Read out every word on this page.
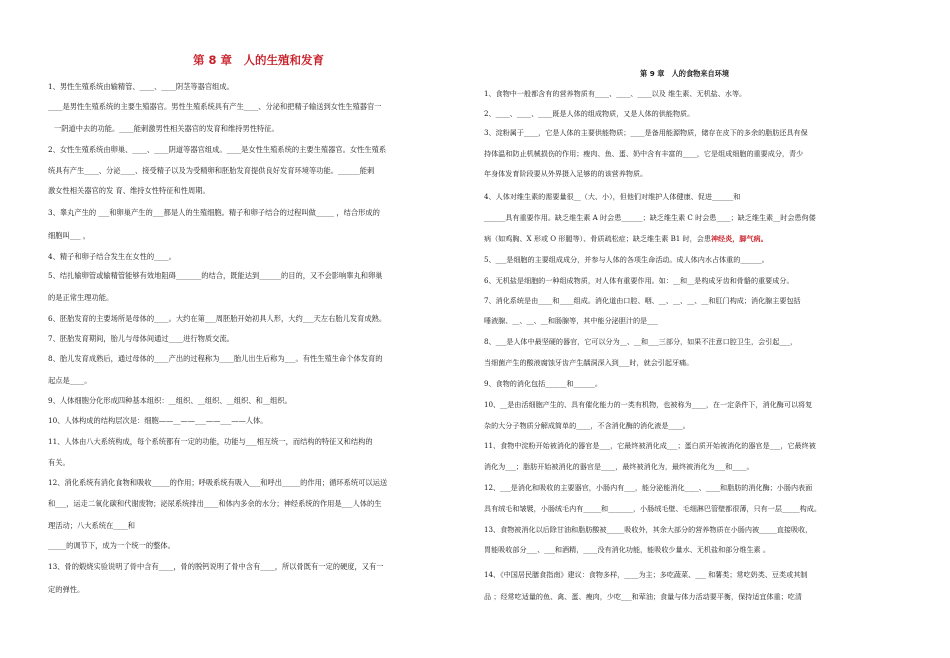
第 8 章　人的生殖和发育
1、男性生殖系统由输精管、____、____阴茎等器官组成。
____是男性生殖系统的主要生殖器官。男性生殖系统具有产生____、分泌和把精子输送到女性生殖器官一
一阴道中去的功能。____能刺激男性相关器官的发育和维持男性特征。
2、女性生殖系统由卵巢、____、____阴道等器官组成。____是女性生殖系统的主要生殖器官。女性生殖系
统具有产生____、分泌____、接受精子以及为受精卵和胚胎发育提供良好发育环境等功能。______能刺
激女性相关器官的发 育、维持女性特征和性周期。
3、睾丸产生的 ___和卵巢产生的___都是人的生殖细胞。精子和卵子结合的过程叫做_____ ，结合形成的
细胞叫___ ，
4、精子和卵子结合发生在女性的____。
5、结扎输卵管或输精管能够有效地阻碍_______的结合，既能达到______的目的，又不会影响睾丸和卵巢
的是正常生理功能。
6、胚胎发育的主要场所是母体的____。大约在第___周胚胎开始初具人形，大约___天左右胎儿发育成熟。
7、胚胎发育期间，胎儿与母体间通过____进行物质交流。
8、胎儿发育成熟后，通过母体的____产出的过程称为____胎儿出生后称为___。有性生殖生命个体发育的
起点是____。
9、人体细胞分化形成四种基本组织：__组织、__组织、__组织、和__组织。
10、人体构成的结构层次是：细胞——__——___——___——人体。
11、人体由八大系统构成，每个系统都有一定的功能，功能与___相互统一，而结构的特征又和结构的
有关。
12、消化系统有消化食物和吸收_____的作用；呼吸系统有吸入___和呼出_____的作用；循环系统可以运送
和___，运走二氧化碳和代谢废物；泌尿系统排出____和体内多余的水分；神经系统的作用是___人体的生
理活动；八大系统在____和
_____的调节下，成为一个统一的整体。
13、骨的煅烧实验说明了骨中含有____，骨的脱钙说明了骨中含有____，所以骨既有一定的硬度，又有一
定的弹性。
第 9 章　人的食物来自环境
1、食物中一般都含有的营养物质有____、____、____以及 维生素、无机盐、水等。
2、____、____、____既是人体的组成物质，又是人体的供能物质。
3、淀粉属于____，它是人体的主要供能物质；____是备用能源物质，储存在皮下的多余的脂肪还具有保
持体温和防止机械损伤的作用；瘦肉、鱼、蛋、奶中含有丰富的____，它是组成细胞的重要成分，青少
年身体发育阶段要从外界摄入足够的的该营养物质。
4、人体对维生素的需要量很__（大、小），但他们对维护人体健康、促进______和
______具有重要作用。缺乏维生素 A 时会患______；缺乏维生素 C 时会患____；缺乏维生素__时会患佝偻
病（如鸡胸、X 形或 O 形腿等）、骨质疏松症；缺乏维生素 B1 时，会患神经炎，脚气病。
5、___是细胞的主要组成成分，并参与人体的各项生命活动。成人体内水占体重的______。
6、无机盐是细胞的一种组成物质，对人体有重要作用。如：__和__是构成牙齿和骨骼的重要成分。
7、消化系统是由____和____组成。消化道由口腔、咽、__、__、__、__和肛门构成；消化腺主要包括
唾液腺、__、__、__和肠腺等，其中能分泌胆汁的是___
8、___是人体中最坚硬的器官，它可以分为__、__和___三部分，如果不注意口腔卫生，会引起___，
当细菌产生的酸液腐蚀牙齿产生龋洞深入到___时，就会引起牙痛。
9、食物的消化包括______和______。
10、__是由活细胞产生的、具有催化能力的一类有机物，也被称为____，在一定条件下，消化酶可以将复
杂的大分子物质分解成简单的____，不含消化酶的消化液是____。
11、食物中淀粉开始被消化的器官是___，它最终被消化成___；蛋白质开始被消化的器官是___，它最终被
消化为___；脂肪开始被消化的器官是____，最终被消化为，最终被消化为___和____。
12、___是消化和吸收的主要器官，小肠内有___，能分泌能消化____、____和脂肪的消化酶；小肠内表面
具有绒毛和皱襞，小肠绒毛内有_____和_______，小肠绒毛壁、毛细淋巴管壁都很薄，只有一层_____构成。
13、食物被消化以后除甘油和脂肪酸被_____吸收外，其余大部分的营养物质在小肠内被_____直接吸收，
胃能吸收部分___、___和酒精，____没有消化功能，能吸收少量水、无机盐和部分维生素 。
14、《中国居民膳食指南》建议：食物多样，____为主；多吃蔬菜、___ 和薯类；常吃奶类、豆类或其制
品 ；经常吃适量的鱼、禽、蛋、瘦肉，少吃___和荤油；食量与体力活动要平衡，保持适宜体重；吃清
